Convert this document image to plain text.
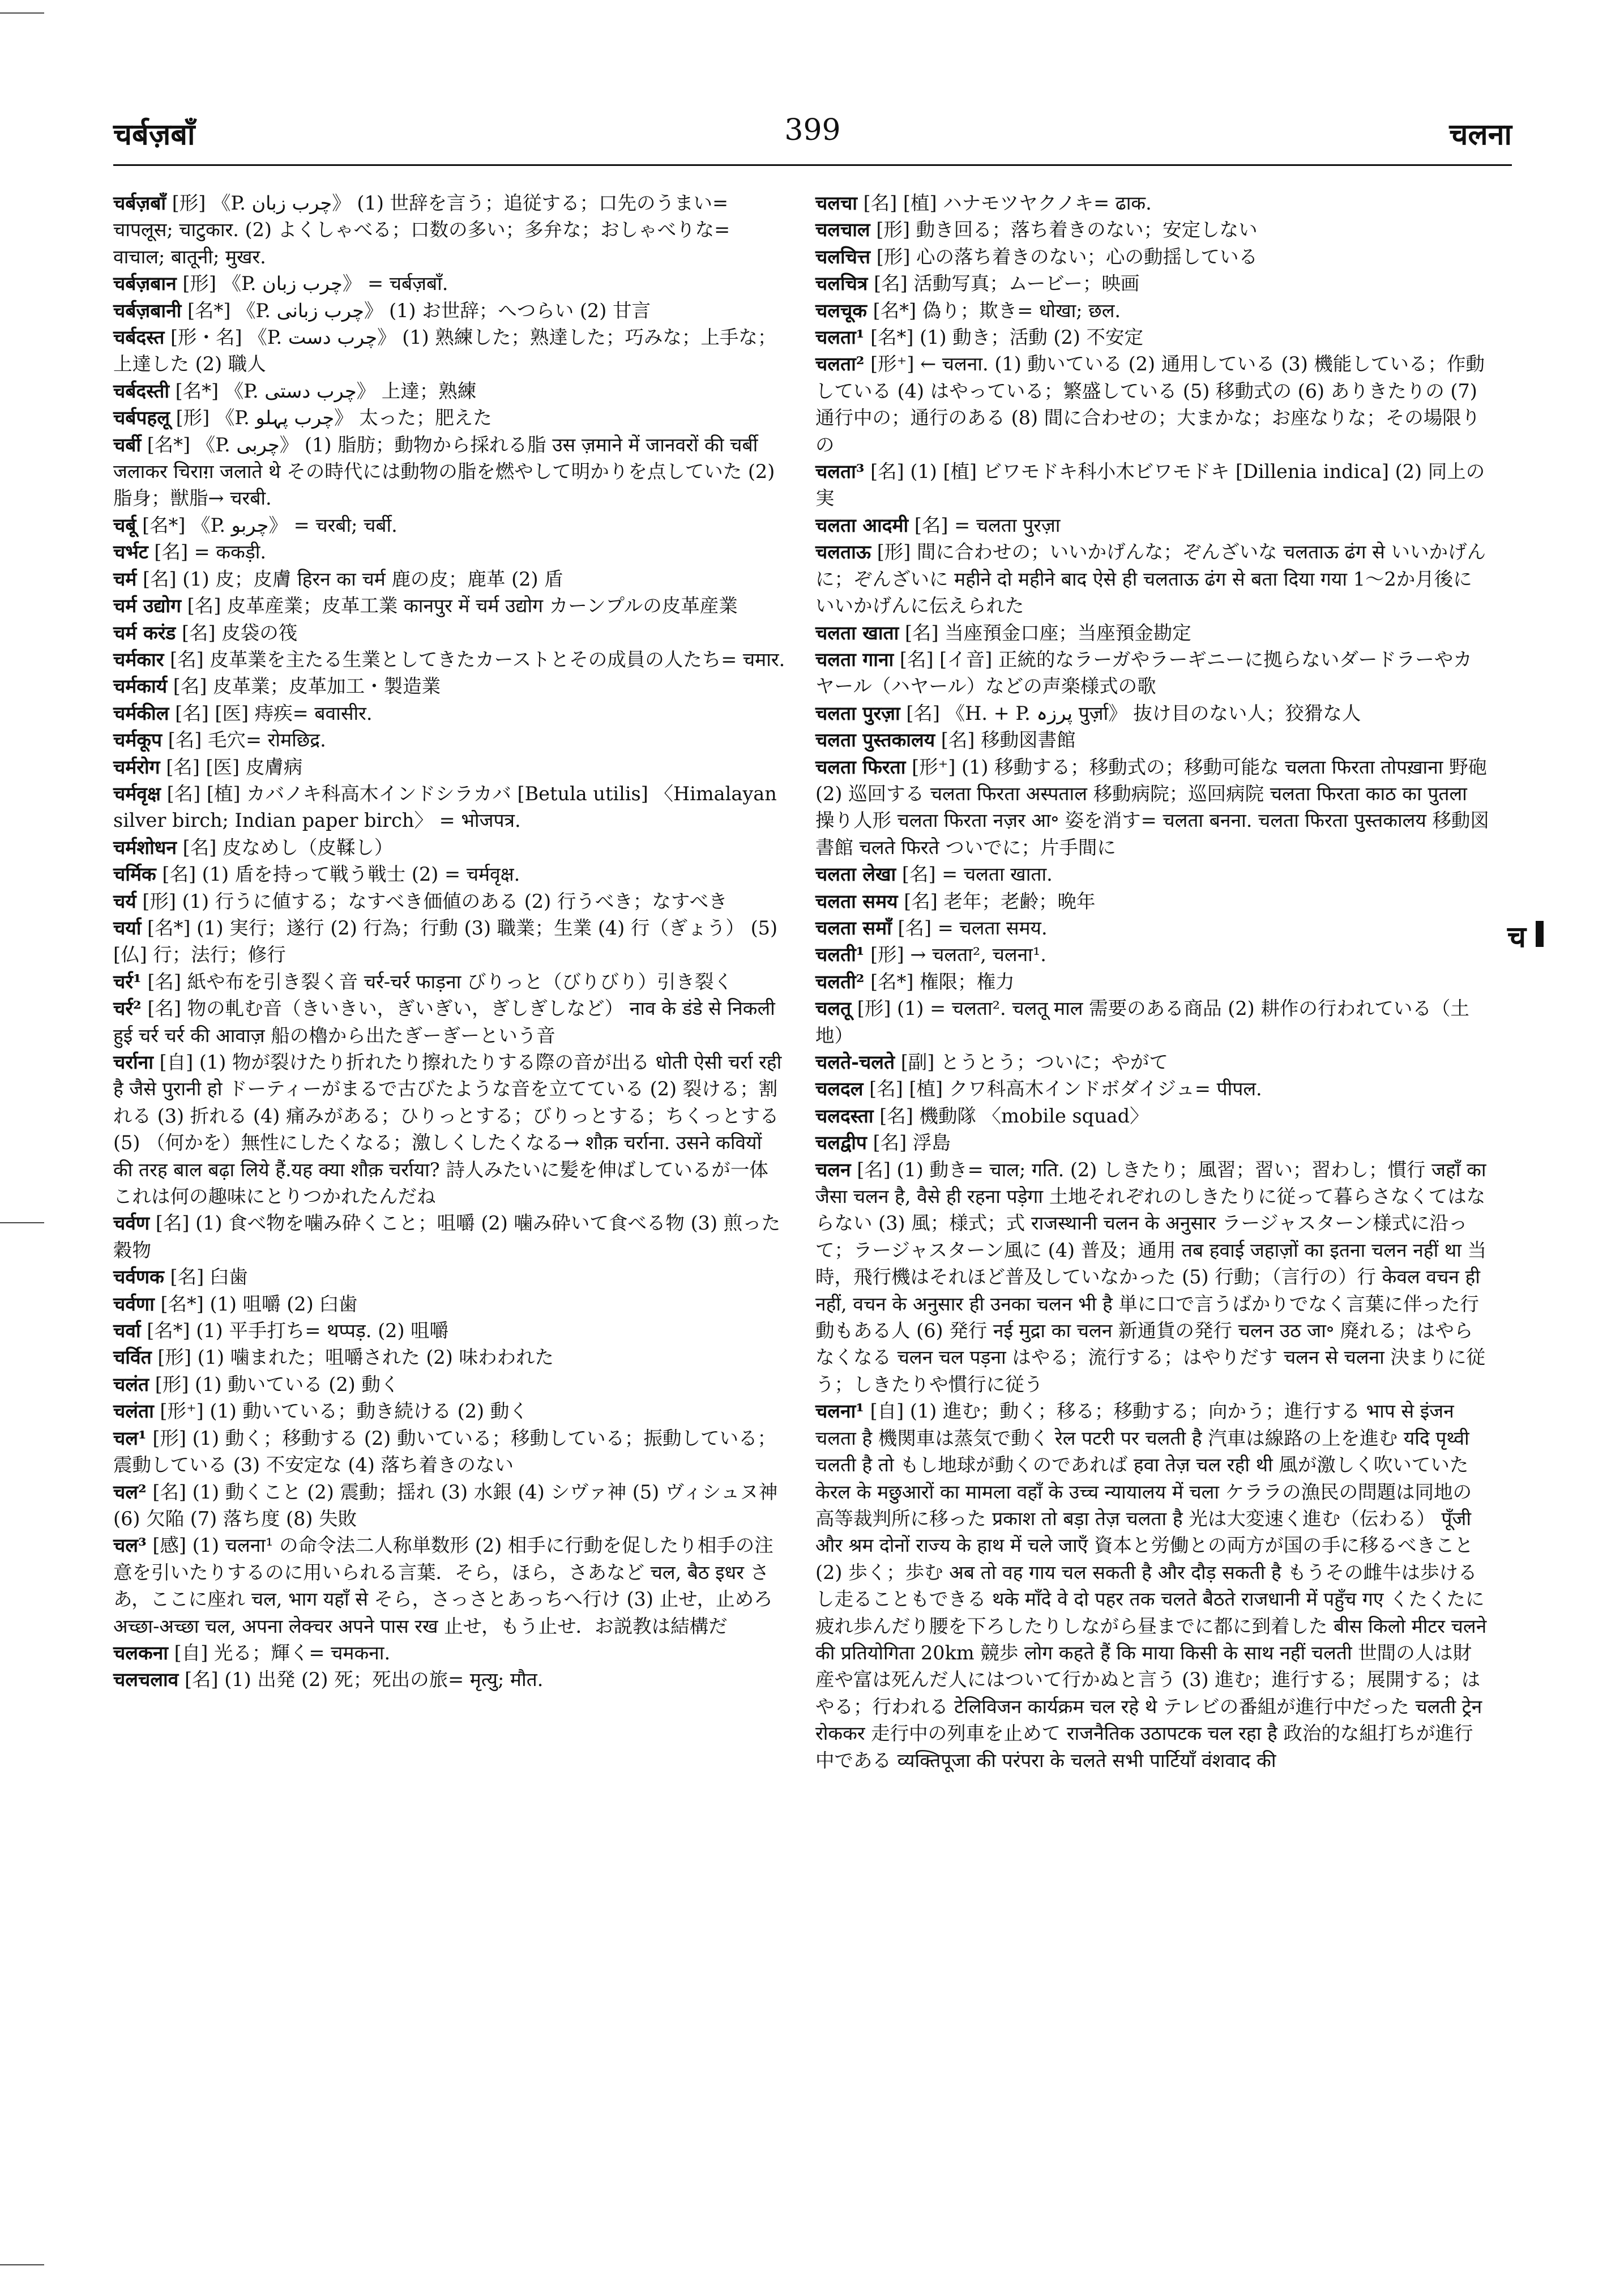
चर्बज़बाँ	399	चलना
चर्बज़बाँ [形] 《P. چرب زبان》 (1) 世辞を言う；追従する；口先のうまい= चापलूस; चाटुकार. (2) よくしゃべる；口数の多い；多弁な；おしゃべりな= वाचाल; बातूनी; मुखर.
चर्बज़बान [形] 《P. چرب زبان》 = चर्बज़बाँ.
चर्बज़बानी [名*] 《P. چرب زبانی》 (1) お世辞；へつらい (2) 甘言
चर्बदस्त [形・名] 《P. چرب دست》 (1) 熟練した；熟達した；巧みな；上手な；上達した (2) 職人
चर्बदस्ती [名*] 《P. چرب دستی》 上達；熟練
चर्बपहलू [形] 《P. چرب پہلو》 太った；肥えた
चर्बी [名*] 《P. چربی》 (1) 脂肪；動物から採れる脂 उस ज़माने में जानवरों की चर्बी जलाकर चिराग़ जलाते थे その時代には動物の脂を燃やして明かりを点していた (2) 脂身；獣脂→ चरबी.
चर्बू [名*] 《P. چربو》 = चरबी; चर्बी.
चर्भट [名] = ककड़ी.
चर्म [名] (1) 皮；皮膚 हिरन का चर्म 鹿の皮；鹿革 (2) 盾
चर्म उद्योग [名] 皮革産業；皮革工業 कानपुर में चर्म उद्योग カーンプルの皮革産業
चर्म करंड [名] 皮袋の筏
चर्मकार [名] 皮革業を主たる生業としてきたカーストとその成員の人たち= चमार.
चर्मकार्य [名] 皮革業；皮革加工・製造業
चर्मकील [名] [医] 痔疾= बवासीर.
चर्मकूप [名] 毛穴= रोमछिद्र.
चर्मरोग [名] [医] 皮膚病
चर्मवृक्ष [名] [植] カバノキ科高木インドシラカバ [Betula utilis] 〈Himalayan silver birch; Indian paper birch〉 = भोजपत्र.
चर्मशोधन [名] 皮なめし（皮鞣し）
चर्मिक [名] (1) 盾を持って戦う戦士 (2) = चर्मवृक्ष.
चर्य [形] (1) 行うに値する；なすべき価値のある (2) 行うべき；なすべき
चर्या [名*] (1) 実行；遂行 (2) 行為；行動 (3) 職業；生業 (4) 行（ぎょう） (5) [仏] 行；法行；修行
चर्र¹ [名] 紙や布を引き裂く音 चर्र-चर्र फाड़ना びりっと（びりびり）引き裂く
चर्र² [名] 物の軋む音（きいきい，ぎいぎい，ぎしぎしなど） नाव के डंडे से निकली हुई चर्र चर्र की आवाज़ 船の櫓から出たぎーぎーという音
चर्राना [自] (1) 物が裂けたり折れたり擦れたりする際の音が出る धोती ऐसी चर्रा रही है जैसे पुरानी हो ドーティーがまるで古びたような音を立てている (2) 裂ける；割れる (3) 折れる (4) 痛みがある；ひりっとする；びりっとする；ちくっとする (5) （何かを）無性にしたくなる；激しくしたくなる→ शौक़ चर्राना. उसने कवियों की तरह बाल बढ़ा लिये हैं.यह क्या शौक़ चर्राया? 詩人みたいに髪を伸ばしているが一体これは何の趣味にとりつかれたんだね
चर्वण [名] (1) 食べ物を噛み砕くこと；咀嚼 (2) 噛み砕いて食べる物 (3) 煎った穀物
चर्वणक [名] 臼歯
चर्वणा [名*] (1) 咀嚼 (2) 臼歯
चर्वा [名*] (1) 平手打ち= थप्पड़. (2) 咀嚼
चर्वित [形] (1) 噛まれた；咀嚼された (2) 味わわれた
चलंत [形] (1) 動いている (2) 動く
चलंता [形⁺] (1) 動いている；動き続ける (2) 動く
चल¹ [形] (1) 動く；移動する (2) 動いている；移動している；振動している；震動している (3) 不安定な (4) 落ち着きのない
चल² [名] (1) 動くこと (2) 震動；揺れ (3) 水銀 (4) シヴァ神 (5) ヴィシュヌ神 (6) 欠陥 (7) 落ち度 (8) 失敗
चल³ [感] (1) चलना¹ の命令法二人称単数形 (2) 相手に行動を促したり相手の注意を引いたりするのに用いられる言葉．そら，ほら，さあなど चल, बैठ इधर さあ，ここに座れ चल, भाग यहाँ से そら，さっさとあっちへ行け (3) 止せ，止めろ अच्छा-अच्छा चल, अपना लेक्चर अपने पास रख 止せ，もう止せ．お説教は結構だ
चलकना [自] 光る；輝く= चमकना.
चलचलाव [名] (1) 出発 (2) 死；死出の旅= मृत्यु; मौत.
चलचा [名] [植] ハナモツヤクノキ= ढाक.
चलचाल [形] 動き回る；落ち着きのない；安定しない
चलचित्त [形] 心の落ち着きのない；心の動揺している
चलचित्र [名] 活動写真；ムービー；映画
चलचूक [名*] 偽り；欺き= धोखा; छल.
चलता¹ [名*] (1) 動き；活動 (2) 不安定
चलता² [形⁺] ← चलना. (1) 動いている (2) 通用している (3) 機能している；作動している (4) はやっている；繁盛している (5) 移動式の (6) ありきたりの (7) 通行中の；通行のある (8) 間に合わせの；大まかな；お座なりな；その場限りの
चलता³ [名] (1) [植] ビワモドキ科小木ビワモドキ [Dillenia indica] (2) 同上の実
चलता आदमी [名] = चलता पुरज़ा
चलताऊ [形] 間に合わせの；いいかげんな；ぞんざいな चलताऊ ढंग से いいかげんに；ぞんざいに महीने दो महीने बाद ऐसे ही चलताऊ ढंग से बता दिया गया 1〜2か月後にいいかげんに伝えられた
चलता खाता [名] 当座預金口座；当座預金勘定
चलता गाना [名] [イ音] 正統的なラーガやラーギニーに拠らないダードラーやカヤール（ハヤール）などの声楽様式の歌
चलता पुरज़ा [名] 《H. + P. پرزہ पुर्ज़ा》 抜け目のない人；狡猾な人
चलता पुस्तकालय [名] 移動図書館
चलता फिरता [形⁺] (1) 移動する；移動式の；移動可能な चलता फिरता तोपख़ाना 野砲 (2) 巡回する चलता फिरता अस्पताल 移動病院；巡回病院 चलता फिरता काठ का पुतला 操り人形 चलता फिरता नज़र आ॰ 姿を消す= चलता बनना. चलता फिरता पुस्तकालय 移動図書館 चलते फिरते ついでに；片手間に
चलता लेखा [名] = चलता खाता.
चलता समय [名] 老年；老齢；晩年
चलता समाँ [名] = चलता समय.
चलती¹ [形] → चलता², चलना¹.
चलती² [名*] 権限；権力
चलतू [形] (1) = चलता². चलतू माल 需要のある商品 (2) 耕作の行われている（土地）
चलते-चलते [副] とうとう；ついに；やがて
चलदल [名] [植] クワ科高木インドボダイジュ= पीपल.
चलदस्ता [名] 機動隊 〈mobile squad〉
चलद्वीप [名] 浮島
चलन [名] (1) 動き= चाल; गति. (2) しきたり；風習；習い；習わし；慣行 जहाँ का जैसा चलन है, वैसे ही रहना पड़ेगा 土地それぞれのしきたりに従って暮らさなくてはならない (3) 風；様式；式 राजस्थानी चलन के अनुसार ラージャスターン様式に沿って；ラージャスターン風に (4) 普及；通用 तब हवाई जहाज़ों का इतना चलन नहीं था 当時，飛行機はそれほど普及していなかった (5) 行動；（言行の）行 केवल वचन ही नहीं, वचन के अनुसार ही उनका चलन भी है 単に口で言うばかりでなく言葉に伴った行動もある人 (6) 発行 नई मुद्रा का चलन 新通貨の発行 चलन उठ जा॰ 廃れる；はやらなくなる चलन चल पड़ना はやる；流行する；はやりだす चलन से चलना 決まりに従う；しきたりや慣行に従う
चलना¹ [自] (1) 進む；動く；移る；移動する；向かう；進行する भाप से इंजन चलता है 機関車は蒸気で動く रेल पटरी पर चलती है 汽車は線路の上を進む यदि पृथ्वी चलती है तो もし地球が動くのであれば हवा तेज़ चल रही थी 風が激しく吹いていた केरल के मछुआरों का मामला वहाँ के उच्च न्यायालय में चला ケララの漁民の問題は同地の高等裁判所に移った प्रकाश तो बड़ा तेज़ चलता है 光は大変速く進む（伝わる） पूँजी और श्रम दोनों राज्य के हाथ में चले जाएँ 資本と労働との両方が国の手に移るべきこと (2) 歩く；歩む अब तो वह गाय चल सकती है और दौड़ सकती है もうその雌牛は歩けるし走ることもできる थके माँदे वे दो पहर तक चलते बैठते राजधानी में पहुँच गए くたくたに疲れ歩んだり腰を下ろしたりしながら昼までに都に到着した बीस किलो मीटर चलने की प्रतियोगिता 20km 競歩 लोग कहते हैं कि माया किसी के साथ नहीं चलती 世間の人は財産や富は死んだ人にはついて行かぬと言う (3) 進む；進行する；展開する；はやる；行われる टेलिविजन कार्यक्रम चल रहे थे テレビの番組が進行中だった चलती ट्रेन रोककर 走行中の列車を止めて राजनैतिक उठापटक चल रहा है 政治的な組打ちが進行中である व्यक्तिपूजा की परंपरा के चलते सभी पार्टियाँ वंशवाद की
च
